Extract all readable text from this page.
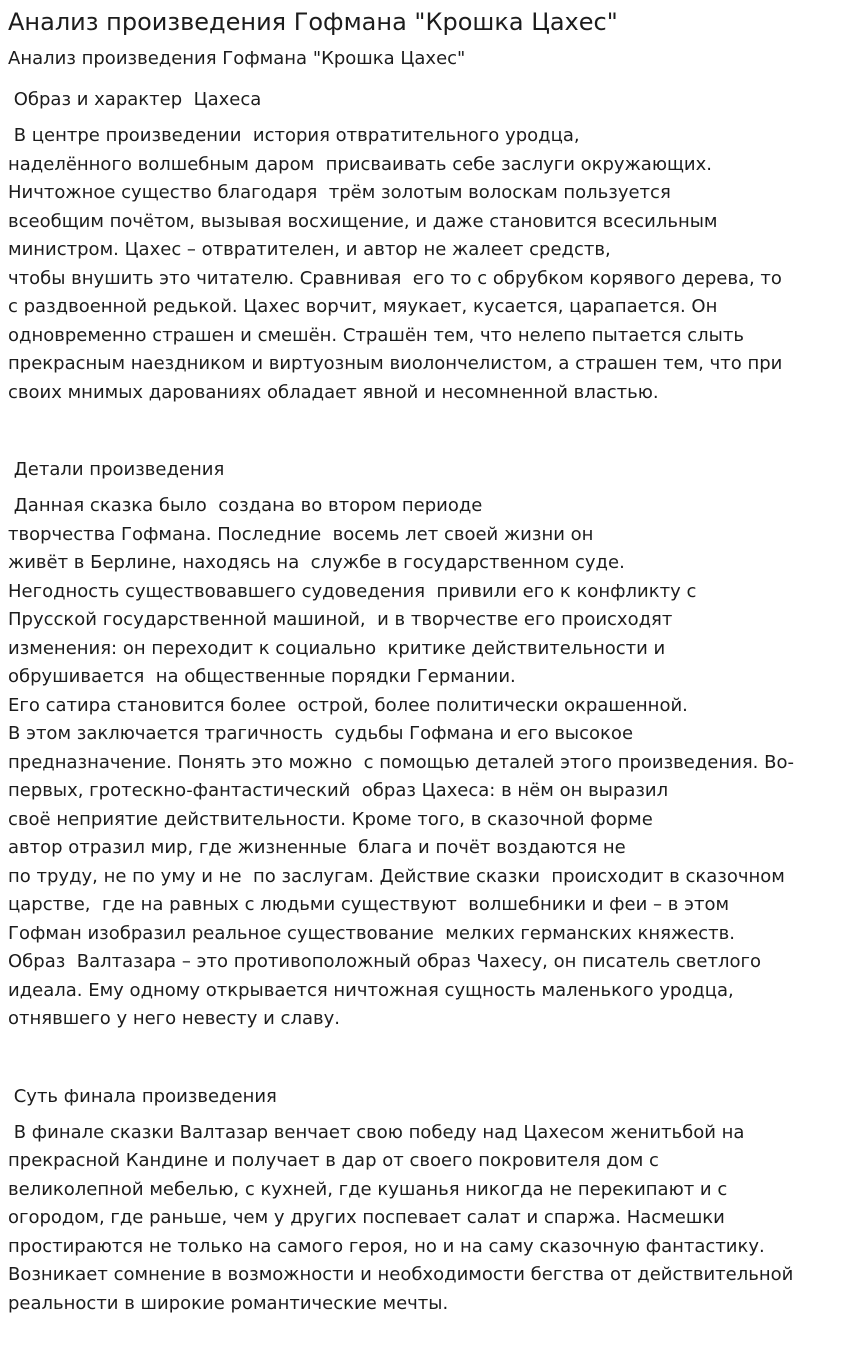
Анализ произведения Гофмана "Крошка Цахес"
Анализ произведения Гофмана "Крошка Цахес"
Образ и характер  Цахеса
В центре произведении  история отвратительного уродца,
наделённого волшебным даром  присваивать себе заслуги окружающих.
Ничтожное существо благодаря  трём золотым волоскам пользуется
всеобщим почётом, вызывая восхищение, и даже становится всесильным
министром. Цахес – отвратителен, и автор не жалеет средств,
чтобы внушить это читателю. Сравнивая  его то с обрубком корявого дерева, то
с раздвоенной редькой. Цахес ворчит, мяукает, кусается, царапается. Он
одновременно страшен и смешён. Страшён тем, что нелепо пытается слыть
прекрасным наездником и виртуозным виолончелистом, а страшен тем, что при
своих мнимых дарованиях обладает явной и несомненной властью.
Детали произведения
Данная сказка было  создана во втором периоде
творчества Гофмана. Последние  восемь лет своей жизни он
живёт в Берлине, находясь на  службе в государственном суде.
Негодность существовавшего судоведения  привили его к конфликту с
Прусской государственной машиной,  и в творчестве его происходят
изменения: он переходит к социально  критике действительности и
обрушивается  на общественные порядки Германии.
Его сатира становится более  острой, более политически окрашенной.
В этом заключается трагичность  судьбы Гофмана и его высокое
предназначение. Понять это можно  с помощью деталей этого произведения. Во-
первых, гротескно-фантастический  образ Цахеса: в нём он выразил
своё неприятие действительности. Кроме того, в сказочной форме
автор отразил мир, где жизненные  блага и почёт воздаются не
по труду, не по уму и не  по заслугам. Действие сказки  происходит в сказочном
царстве,  где на равных с людьми существуют  волшебники и феи – в этом
Гофман изобразил реальное существование  мелких германских княжеств.
Образ  Валтазара – это противоположный образ Чахесу, он писатель светлого
идеала. Ему одному открывается ничтожная сущность маленького уродца,
отнявшего у него невесту и славу.
Суть финала произведения
В финале сказки Валтазар венчает свою победу над Цахесом женитьбой на
прекрасной Кандине и получает в дар от своего покровителя дом с
великолепной мебелью, с кухней, где кушанья никогда не перекипают и с
огородом, где раньше, чем у других поспевает салат и спаржа. Насмешки
простираются не только на самого героя, но и на саму сказочную фантастику.
Возникает сомнение в возможности и необходимости бегства от действительной
реальности в широкие романтические мечты.
